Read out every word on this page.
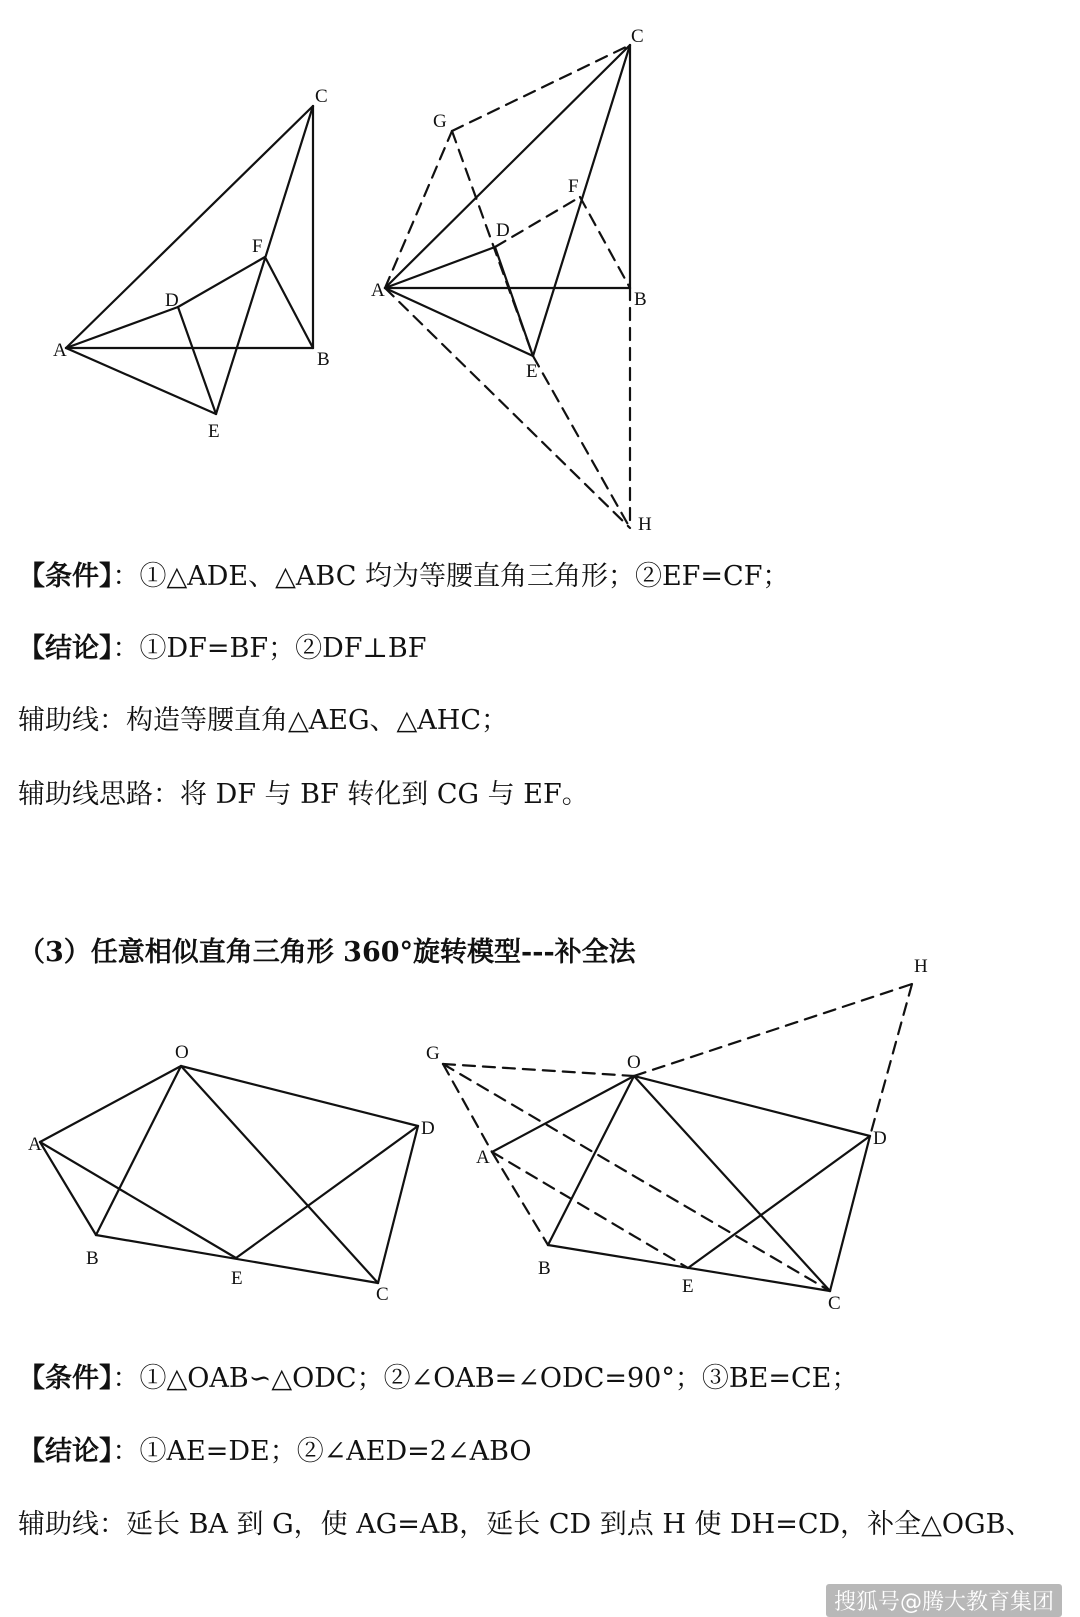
C
F
D
A	B
E
C
G
F
D
A	B
E
H
O
A
D
B
E
C
H
G	O
D
A
B
E
C
【条件】：①△ADE、△ABC 均为等腰直角三角形；②EF=CF；
【结论】：①DF=BF；②DF⊥BF
辅助线：构造等腰直角△AEG、△AHC；
辅助线思路：将 DF 与 BF 转化到 CG 与 EF。
（3）任意相似直角三角形 360°旋转模型---补全法
【条件】：①△OAB∽△ODC；②∠OAB=∠ODC=90°；③BE=CE；
【结论】：①AE=DE；②∠AED=2∠ABO
辅助线：延长 BA 到 G，使 AG=AB，延长 CD 到点 H 使 DH=CD，补全△OGB、
搜狐号@腾大教育集团
